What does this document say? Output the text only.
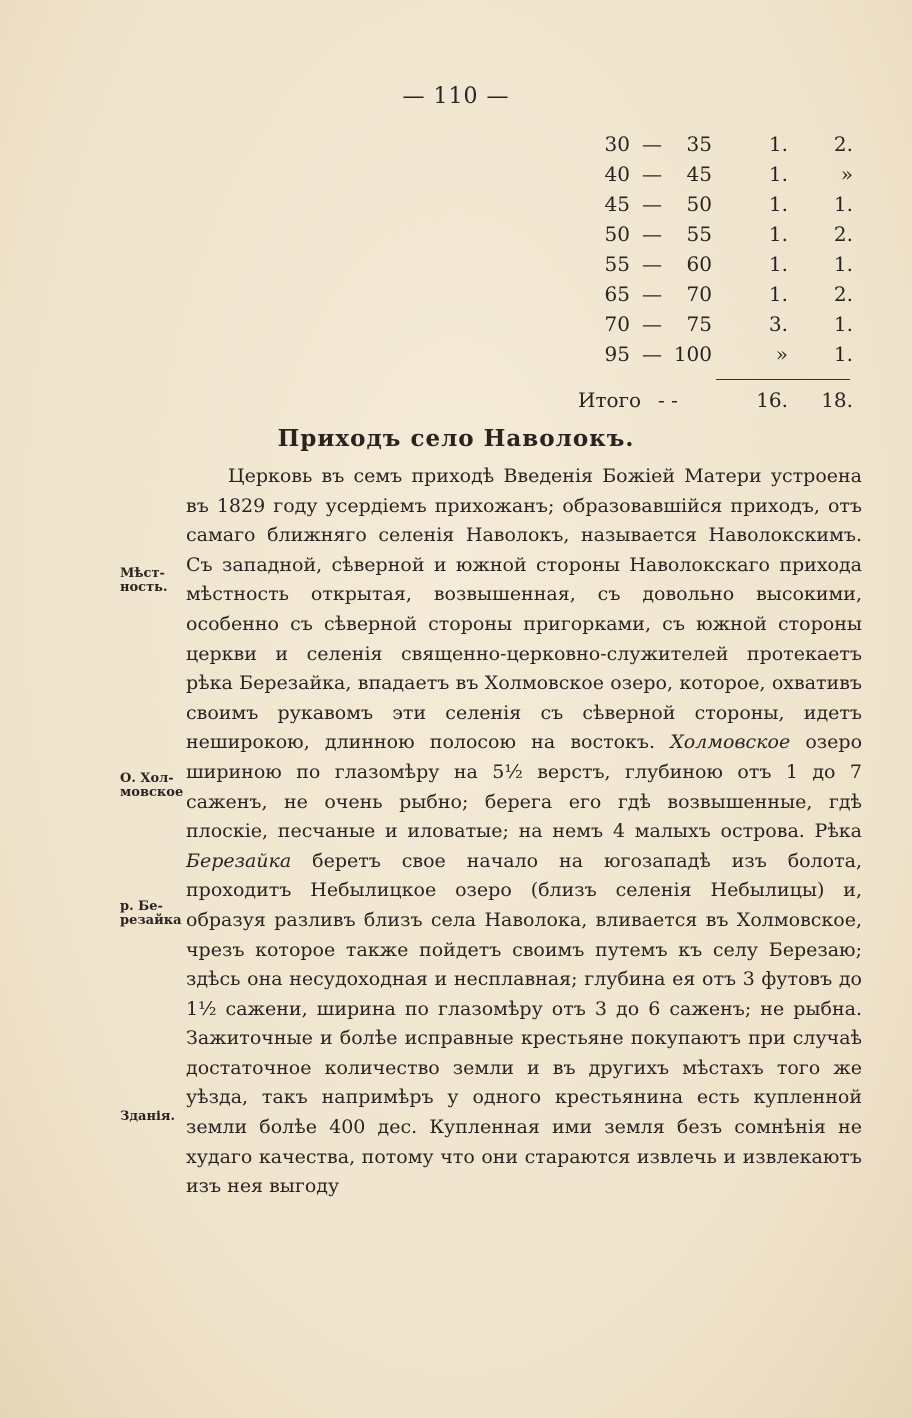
— 110 —
30 —	35	1.	2.
40 —	45	1.	»
45 —	50	1.	1.
50 —	55	1.	2.
55 —	60	1.	1.
65 —	70	1.	2.
70 —	75	3.	1.
95 — 100	»	1.
Итого - -	16.	18.
Приходъ село Наволокъ.

Церковь въ семъ приходѣ Введенія Божіей Матери устроена въ 1829 году усердіемъ прихожанъ; образовавшійся приходъ, отъ самаго ближняго селенія Наволокъ, называется Наволокскимъ. Съ западной, сѣверной и южной стороны Наволокскаго прихода мѣстность открытая, возвышенная, съ довольно высокими, особенно съ сѣверной стороны пригорками, съ южной стороны церкви и селенія священно-церковно-служителей протекаетъ рѣка Березайка, впадаетъ въ Холмовское озеро, которое, охвативъ своимъ рукавомъ эти селенія съ сѣверной стороны, идетъ неширокою, длинною полосою на востокъ. Холмовское озеро шириною по глазомѣру на 5½ верстъ, глубиною отъ 1 до 7 саженъ, не очень рыбно; берега его гдѣ возвышенные, гдѣ плоскіе, песчаные и иловатые; на немъ 4 малыхъ острова. Рѣка Березайка беретъ свое начало на югозападѣ изъ болота, проходитъ Небылицкое озеро (близъ селенія Небылицы) и, образуя разливъ близъ села Наволока, вливается въ Холмовское, чрезъ которое также пойдетъ своимъ путемъ къ селу Березаю; здѣсь она несудоходная и несплавная; глубина ея отъ 3 футовъ до 1½ сажени, ширина по глазомѣру отъ 3 до 6 саженъ; не рыбна. Зажиточные и болѣе исправные крестьяне покупаютъ при случаѣ достаточное количество земли и въ другихъ мѣстахъ того же уѣзда, такъ напримѣръ у одного крестьянина есть купленной земли болѣе 400 дес. Купленная ими земля безъ сомнѣнія не худаго качества, потому что они стараются извлечь и извлекаютъ изъ нея выгоду

Мѣст-ность.
О. Хол-мовское
р. Бе-резайка
Зданія.
